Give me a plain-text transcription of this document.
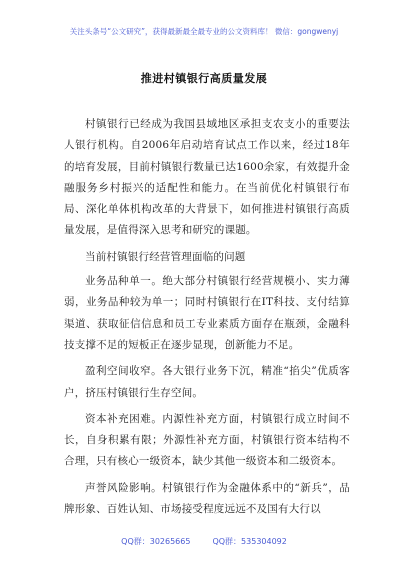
关注头条号“公文研究”，获得最新最全最专业的公文资料库！ 微信：gongwenyj
推进村镇银行高质量发展

村镇银行已经成为我国县域地区承担支农支小的重要法人银行机构。自2006年启动培育试点工作以来，经过18年的培育发展，目前村镇银行数量已达1600余家，有效提升金融服务乡村振兴的适配性和能力。在当前优化村镇银行布局、深化单体机构改革的大背景下，如何推进村镇银行高质量发展，是值得深入思考和研究的课题。

当前村镇银行经营管理面临的问题

业务品种单一。绝大部分村镇银行经营规模小、实力薄弱，业务品种较为单一；同时村镇银行在IT科技、支付结算渠道、获取征信信息和员工专业素质方面存在瓶颈，金融科技支撑不足的短板正在逐步显现，创新能力不足。

盈利空间收窄。各大银行业务下沉，精准“掐尖”优质客户，挤压村镇银行生存空间。

资本补充困难。内源性补充方面，村镇银行成立时间不长，自身积累有限；外源性补充方面，村镇银行资本结构不合理，只有核心一级资本，缺少其他一级资本和二级资本。

声誉风险影响。村镇银行作为金融体系中的“新兵”，品牌形象、百姓认知、市场接受程度远远不及国有大行以

QQ群：30265665	QQ群：535304092
